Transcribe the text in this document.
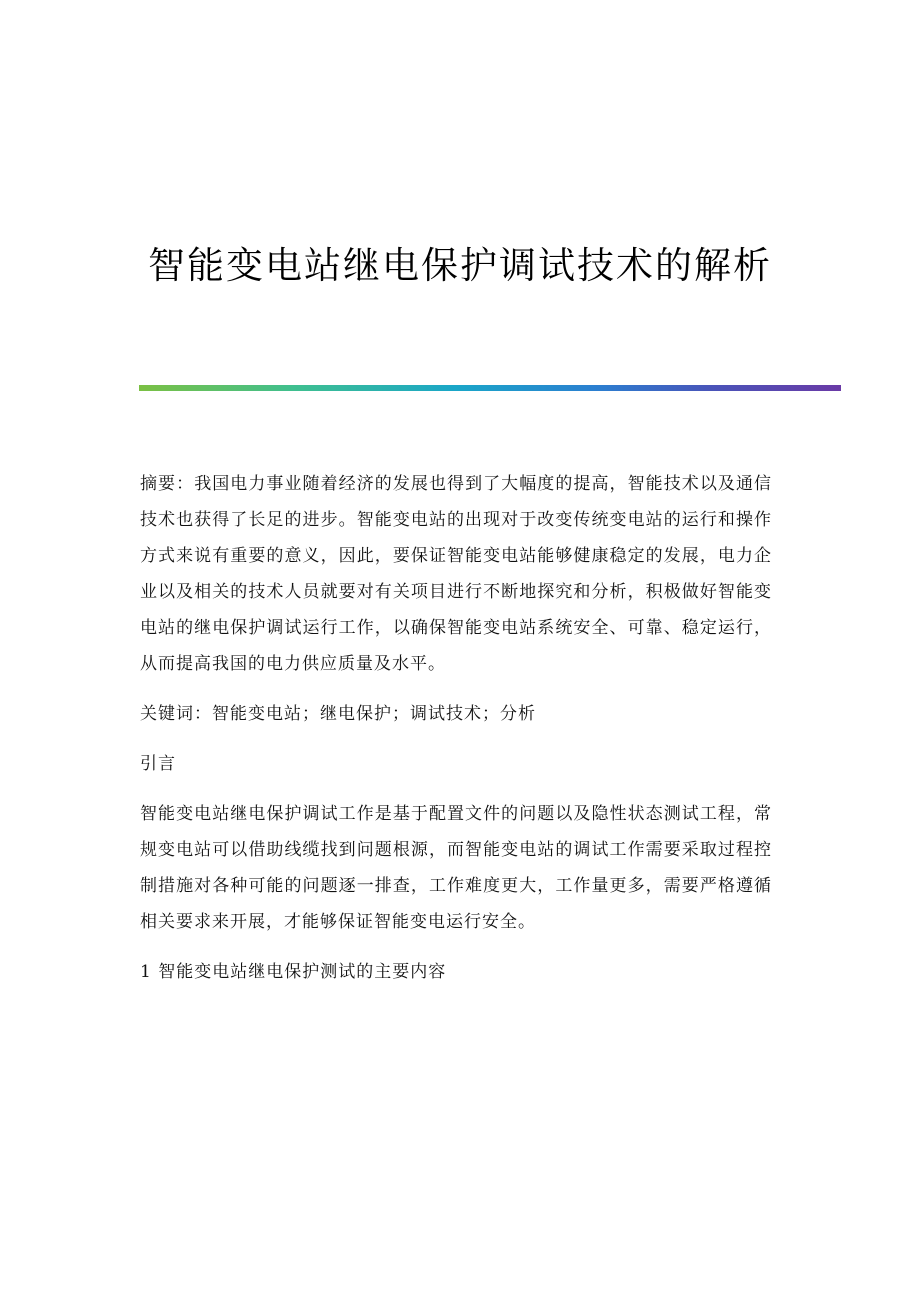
智能变电站继电保护调试技术的解析

摘要：我国电力事业随着经济的发展也得到了大幅度的提高，智能技术以及通信技术也获得了长足的进步。智能变电站的出现对于改变传统变电站的运行和操作方式来说有重要的意义，因此，要保证智能变电站能够健康稳定的发展，电力企业以及相关的技术人员就要对有关项目进行不断地探究和分析，积极做好智能变电站的继电保护调试运行工作，以确保智能变电站系统安全、可靠、稳定运行，从而提高我国的电力供应质量及水平。

关键词：智能变电站；继电保护；调试技术；分析

引言

智能变电站继电保护调试工作是基于配置文件的问题以及隐性状态测试工程，常规变电站可以借助线缆找到问题根源，而智能变电站的调试工作需要采取过程控制措施对各种可能的问题逐一排查，工作难度更大，工作量更多，需要严格遵循相关要求来开展，才能够保证智能变电运行安全。

1 智能变电站继电保护测试的主要内容
